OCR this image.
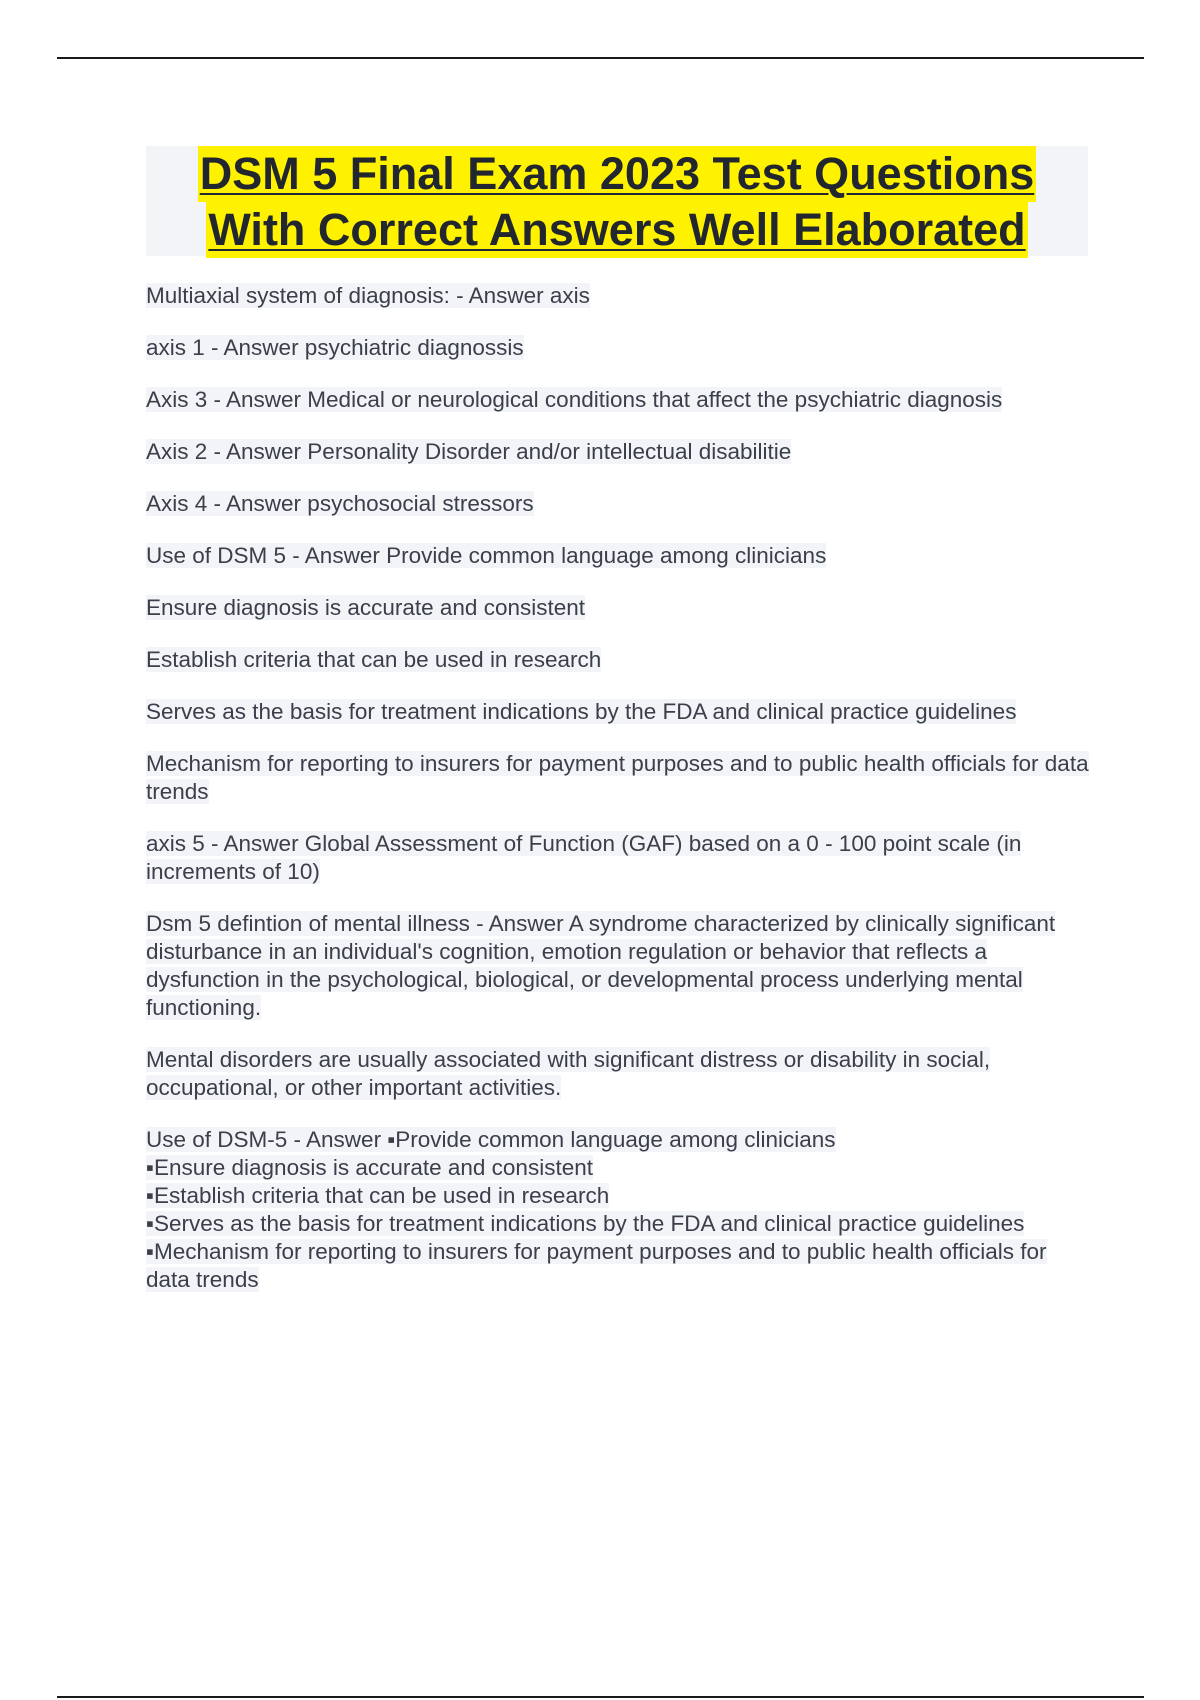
DSM 5 Final Exam 2023 Test Questions
With Correct Answers Well Elaborated

Multiaxial system of diagnosis: - Answer axis

axis 1 - Answer psychiatric diagnossis

Axis 3 - Answer Medical or neurological conditions that affect the psychiatric diagnosis

Axis 2 - Answer Personality Disorder and/or intellectual disabilitie

Axis 4 - Answer psychosocial stressors

Use of DSM 5 - Answer Provide common language among clinicians

Ensure diagnosis is accurate and consistent

Establish criteria that can be used in research

Serves as the basis for treatment indications by the FDA and clinical practice guidelines

Mechanism for reporting to insurers for payment purposes and to public health officials for data trends

axis 5 - Answer Global Assessment of Function (GAF) based on a 0 - 100 point scale (in increments of 10)

Dsm 5 defintion of mental illness - Answer A syndrome characterized by clinically significant disturbance in an individual's cognition, emotion regulation or behavior that reflects a dysfunction in the psychological, biological, or developmental process underlying mental functioning.

Mental disorders are usually associated with significant distress or disability in social, occupational, or other important activities.

Use of DSM-5 - Answer ▪Provide common language among clinicians
▪Ensure diagnosis is accurate and consistent
▪Establish criteria that can be used in research
▪Serves as the basis for treatment indications by the FDA and clinical practice guidelines
▪Mechanism for reporting to insurers for payment purposes and to public health officials for data trends
